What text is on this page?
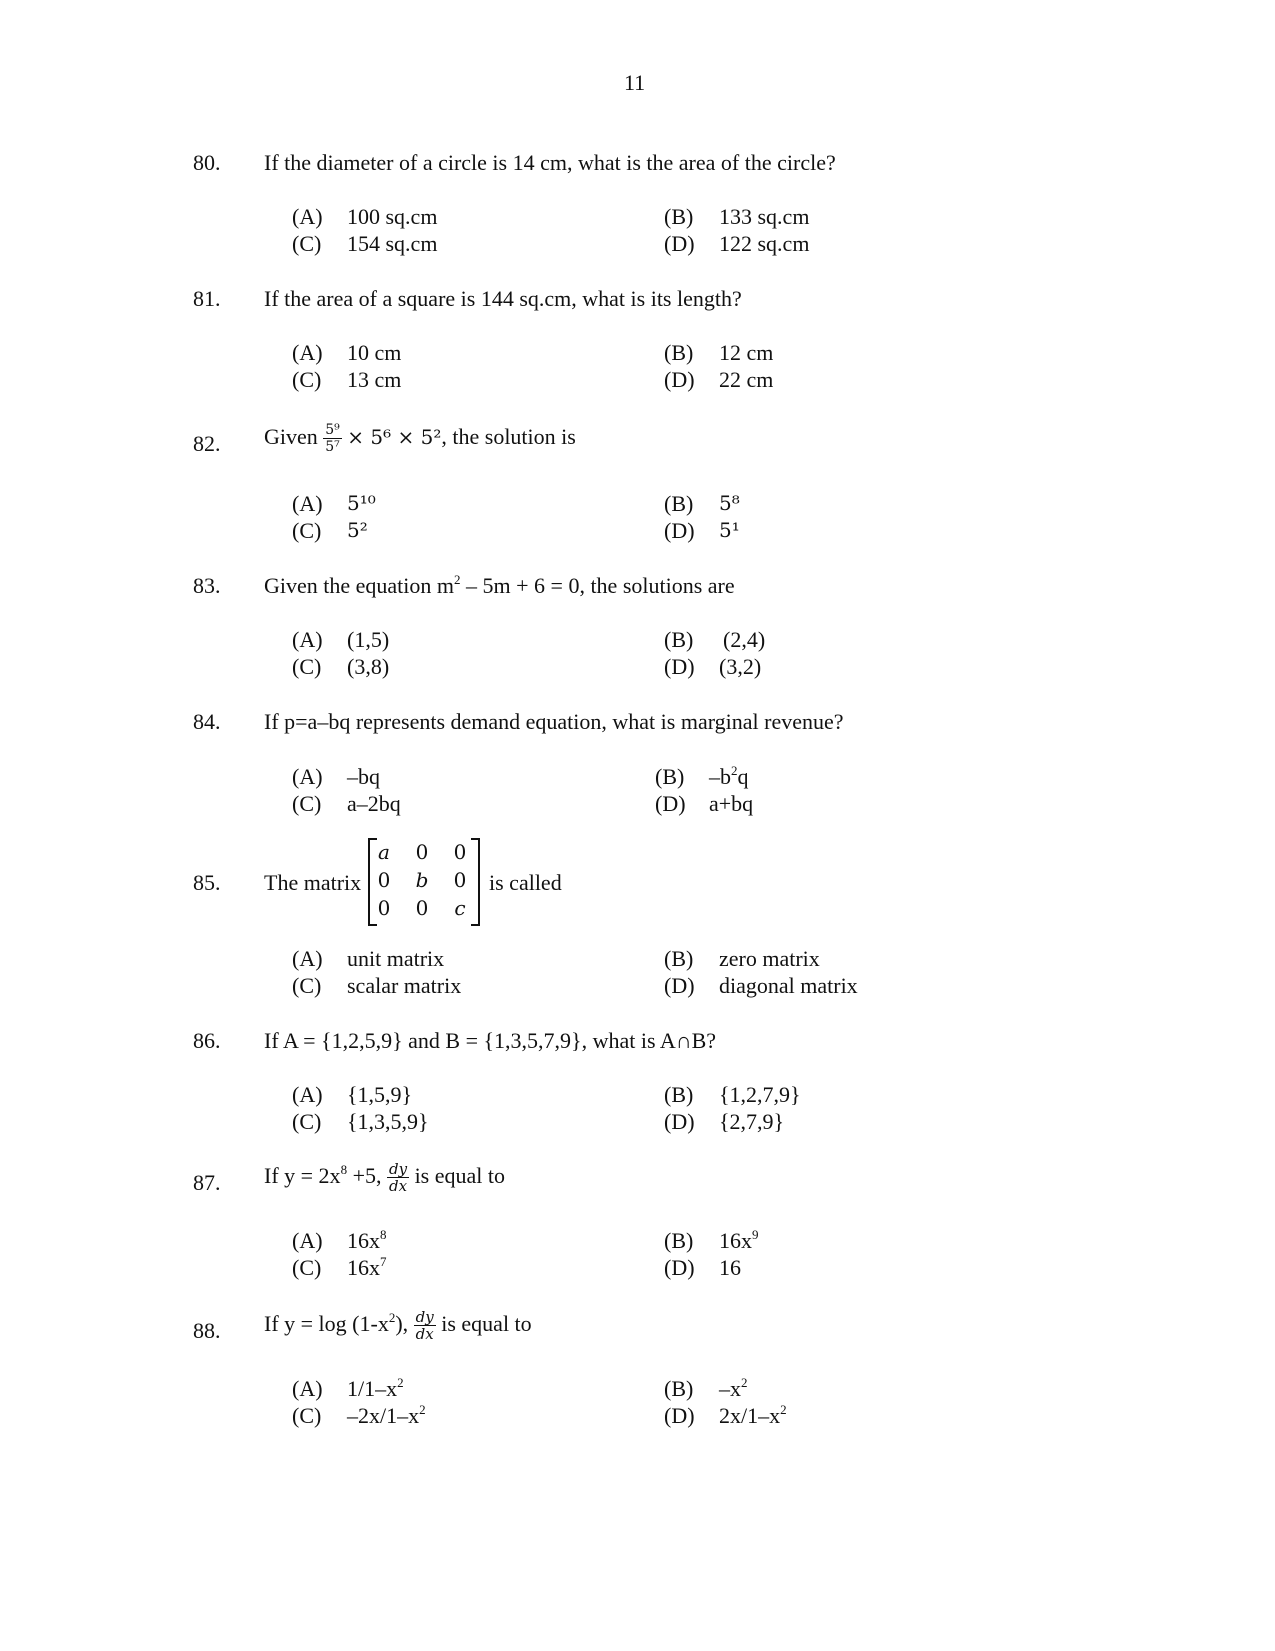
11
80. If the diameter of a circle is 14 cm, what is the area of the circle?
(A) 100 sq.cm	(B) 133 sq.cm
(C) 154 sq.cm	(D) 122 sq.cm
81. If the area of a square is 144 sq.cm, what is its length?
(A) 10 cm	(B) 12 cm
(C) 13 cm	(D) 22 cm
82. Given $\frac{\text{5⁹}}{\text{5⁷}} \times 5^6 \times 5^2$, the solution is
(A) 5¹⁰	(B) 5⁸
(C) 5²	(D) 5¹
83. Given the equation $m^2 - 5m + 6 = 0$, the solutions are
(A) (1,5)	(B) (2,4)
(C) (3,8)	(D) (3,2)
84. If p=a–bq represents demand equation, what is marginal revenue?
(A) –bq	(B) $-b^2q$
(C) a–2bq	(D) a+bq
85. The matrix
a	0 0
0 b 0
0 0	c
is called
(A) unit matrix	(B) zero matrix
(C) scalar matrix	(D) diagonal matrix
86. If A = {1,2,5,9} and B = {1,3,5,7,9}, what is A∩B?
(A) {1,5,9}	(B) {1,2,7,9}
(C) {1,3,5,9}	(D) {2,7,9}
87. If $y = 2x^8 +5$, $\frac{dy}{dx}$ is equal to
(A) $16x^8$	(B) $16x^9$
(C) $16x^7$	(D) 16
88. If $y = \log (1-x^2)$, $\frac{dy}{dx}$ is equal to
(A) $1/1-x^2$	(B) $-x^2$
(C) $-2x/1-x^2$	(D) $2x/1-x^2$
